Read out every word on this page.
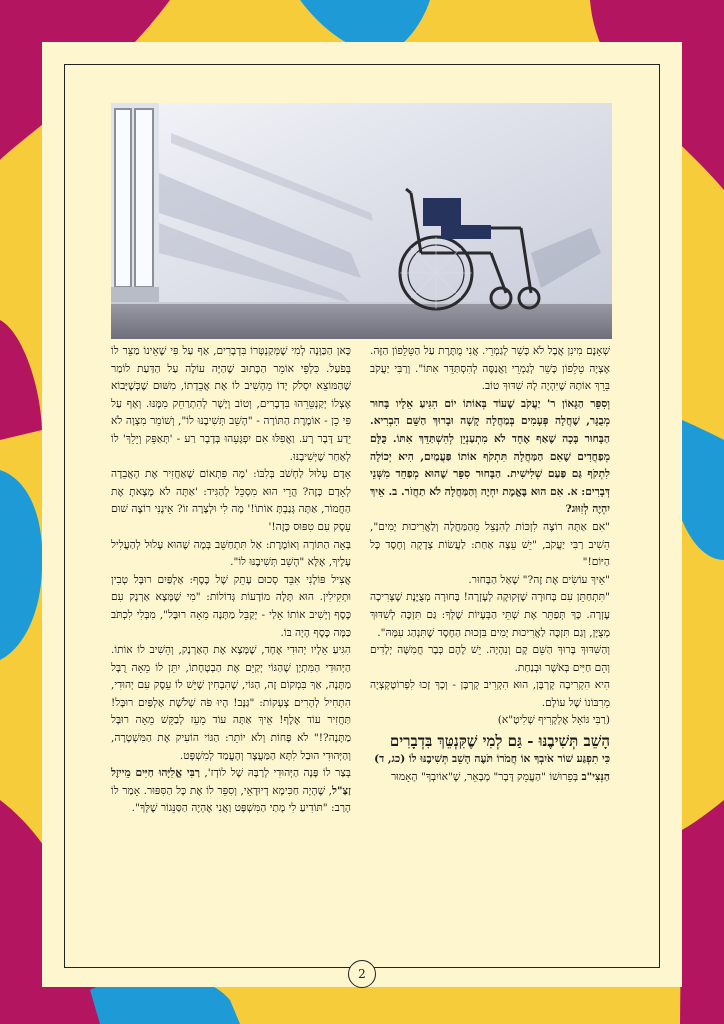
שְׁאָנֶם מִינִן אֲבָל לֹא כָּשֵׁר לְגַמְרֵי. אֲנִי מֻתֶּרֶת עַל הַטֵּלֵפוֹן הַזֶּה. אֶצְיָה טֵלֵפוֹן כָּשֵׁר לְגַמְרֵי וַאֲנַסֶּה לְהִסְתַּדֵּר אִתּוֹ". וְרַבִּי יַעֲקֹב בֵּרֵךְ אוֹתָהּ שֶׁיִּהְיֶה לָהּ שִׁדּוּךְ טוֹב.

וְסִפֵּר הַגָּאוֹן ר' יַעֲקֹב שֶׁעוֹד בְּאוֹתוֹ יוֹם הִגִּיעַ אֵלָיו בָּחוּר מְבֻגָּר, שֶׁחֲלָה פְּעָמִים בְּמַחֲלָה קָשָׁה וּבָרוּךְ הַשֵּׁם הִבְרִיא. הַבָּחוּר בָּכָה שֶׁאַף אֶחָד לֹא מִתְעַנְיֵן לְהִשְׁתַּדֵּךְ אִתּוֹ. כֻּלָּם מְפַחֲדִים שֶׁאִם הַמַּחֲלָה תִּתְקֹף אוֹתוֹ פַּעֲמַיִם, הִיא יְכוֹלָה לִתְקֹף גַּם פַּעַם שְׁלִישִׁית. הַבָּחוּר סִפֵּר שֶׁהוּא מְפַחֵד מִשְּׁנֵי דְּבָרִים: א. אִם הוּא בֶּאֱמֶת יִחְיֶה וְהַמַּחֲלָה לֹא תַחֲזֹר. ב. אֵיךְ יִהְיֶה לְזִוּוּג?

"אִם אַתָּה רוֹצֶה לִזְכּוֹת לְהִנָּצֵל מֵהַמַּחֲלָה וְלַאֲרִיכוּת יָמִים", הֵשִׁיב רַבִּי יַעֲקֹב, "יֵשׁ עֵצָה אַחַת: לַעֲשׂוֹת צְדָקָה וְחֶסֶד כָּל הַיּוֹם!"

"אֵיךְ עוֹשִׂים אֶת זֶה?" שָׁאַל הַבָּחוּר.

"תִּתְחַתֵּן עִם בָּחוּרָה שֶׁזְּקוּקָה לְעֶזְרָה! בָּחוּרָה מְצֻיֶּנֶת שֶׁצְּרִיכָה עֶזְרָה. כָּךְ תְּפַתֵּר אֶת שְׁתֵּי הַבְּעָיוֹת שֶׁלְּךָ: גַּם תִּזְכֶּה לְשִׁדּוּךְ מְצֻיָּן, וְגַם תִּזְכֶּה לַאֲרִיכוּת יָמִים בִּזְכוּת הַחֶסֶד שֶׁתִּנְהַג עִמָּהּ".

וְהַשִּׁדּוּךְ בָּרוּךְ הַשֵּׁם קָם וְנִהְיָה. יֵשׁ לָהֶם כְּבָר חֲמִשָּׁה יְלָדִים וְהֵם חַיִּים בְּאֹשֶׁר וּבְנַחַת.

הִיא הִקְרִיבָה קָרְבָּן, הוּא הִקְרִיב קָרְבָּן - וְכָךְ זָכוּ לִפְרוֹטֶקְצְיָה מֵרִבּוֹנוֹ שֶׁל עוֹלָם.

(רַבִּי גּוֹאֵל אֶלְקָרִיף שְׁלִיטָ"א)

הָשֵׁב תְּשִׁיבֶנּוּ - גַּם לְמִי שֶׁקִּנְטֵּךְ בִּדְבָרִים

כִּי תִפְגַּע שׁוֹר אֹיִבְךָ אוֹ חֲמֹרוֹ תֹּעֶה הָשֵׁב תְּשִׁיבֶנּוּ לוֹ (כג, ד)

הַנְּצִי"ב בְּפֵרוּשׁוֹ "הַעֲמֵק דָּבָר" מְבָאֵר, שֶׁ"אוֹיִבְךָ" הָאָמוּר

כָּאן הַכַּוָּנָה לְמִי שֶׁמְּקַנְטְּרוֹ בִּדְבָרִים, אַף עַל פִּי שֶׁאֵינוֹ מַצֵּר לוֹ בְּפֹעַל. כִּלְפֵּי אוֹמֵר הַכָּתוּב שֶׁהַיָּה עוֹלֶה עַל הַדַּעַת לוֹמַר שֶׁהַמּוֹצֵא יִסְלֹק יָדוֹ מֵהָשִׁיב לוֹ אֶת אֲבֵדָתוֹ, מִשּׁוּם שֶׁכְּשֶׁיָּבוֹא אֶצְלוֹ יְקַנְטֵּרֵהוּ בִּדְבָרִים, וְטוֹב וְיָשָׁר לְהִתְרַחֵק מִמֶּנּוּ. וְאַף עַל פִּי כֵן - אוֹמֶרֶת הַתּוֹרָה - "הָשֵׁב תְּשִׁיבֶנּוּ לוֹ", וְשׁוֹמֵר מִצְוָה לֹא יֵדַע דָּבָר רָע. וַאֲפִלּוּ אִם יִפְגָּעֵהוּ בְּדָבָר רַע - 'תְּאַפֵּק וְיֵלֵךְ' לוֹ לְאַחַר שֶׁיְּשִׁיבֶנּוּ.

אָדָם עָלוּל לַחְשֹׁב בְּלִבּוֹ: 'מָה פִּתְאוֹם שֶׁאַחֲזִיר אֶת הָאֲבֵדָה לְאָדָם כָּזֶה? הֲרֵי הוּא מִסְכֵּל לְהַגִּיד: 'אַתָּה לֹא מָצָאתָ אֶת הַחֲמוֹר, אַתָּה גְּנַבְתָּ אוֹתוֹ!' מָה לִי וּלְצָרָה זוֹ? אֵינֶנִּי רוֹצֶה שׁוּם עֵסֶק עִם טִפּוּס כָּזֶה!'

בָּאָה הַתּוֹרָה וְאוֹמֶרֶת: אַל תִּתְחַשֵּׁב בְּמָה שֶׁהוּא עָלוּל לְהַעֲלִיל עָלֶיךָ, אֶלָּא "הָשֵׁב תְּשִׁיבֶנּוּ לוֹ".

אֲצִיל פּוֹלָנִי אִבֵּד סְכוּם עָתֵק שֶׁל כֶּסֶף: אַלְפַּיִם רוּבָּל טְבִין וּתְקִילִין. הוּא תָּלָה מוֹדָעוֹת גְּדוֹלוֹת: "מִי שֶׁמָּצָא אַרְנָק עִם כֶּסֶף וְיָשִׁיב אוֹתוֹ אֵלַי - יְקַבֵּל מַתָּנָה מֵאָה רוּבָּל", מִבְּלִי לִכְתֹּב כַּמָּה כֶּסֶף הָיָה בּוֹ.

הִגִּיעַ אֵלָיו יְהוּדִי אֶחָד, שֶׁמָּצָא אֶת הָאַרְנָק, וְהֵשִׁיב לוֹ אוֹתוֹ. הַיְּהוּדִי הַמִּתְיָן שֶׁהַגּוֹי יְקַיֵּם אֶת הַבְטָחָתוֹ, יִתֵּן לוֹ מֵאָה רֻבָּל מַתָּנָה, אַךְ בִּמְקוֹם זֶה, הַגּוֹי, שֶׁהִבְחִין שֶׁיֵּשׁ לוֹ עֵסֶק עִם יְהוּדִי, הִתְחִיל לְהָרִים צְעָקוֹת: "גַּנָּב! הָיוּ פֹּה שְׁלֹשֶׁת אַלְפַּיִם רוּבָּל! תַּחֲזִיר עוֹד אֶלֶף! אֵיךְ אַתָּה עוֹד מֵעֵז לְבַקֵּשׁ מֵאָה רוּבָּל מַתָּנָה?!" לֹא פָּחוֹת וְלֹא יוֹתֵר: הַגּוֹי הוֹעִיק אֶת הַמִּשְׁטָרָה, וְהַיְּהוּדִי הוּבַל לִתָּא הַמַּעֲצָר וְהָעֳמַד לְמִשְׁפָּט.

בְּצַר לוֹ פָּנָה הַיְּהוּדִי לְרַבָּהּ שֶׁל לוֹדְז', רַבִּי אֱלִיָּהוּ חַיִּים מֵייזֶל זַצַ"ל, שֶׁהָיָה חַכִּימָא דְיוּדָאֵי, וְסִפֵּר לוֹ אֶת כָּל הַסִּפּוּר. אָמַר לוֹ הָרַב: "תּוֹדִיעַ לִי מָתַי הַמִּשְׁפָּט וַאֲנִי אֶהְיֶה הַסַּנֵּגוֹר שֶׁלְּךָ".

2
